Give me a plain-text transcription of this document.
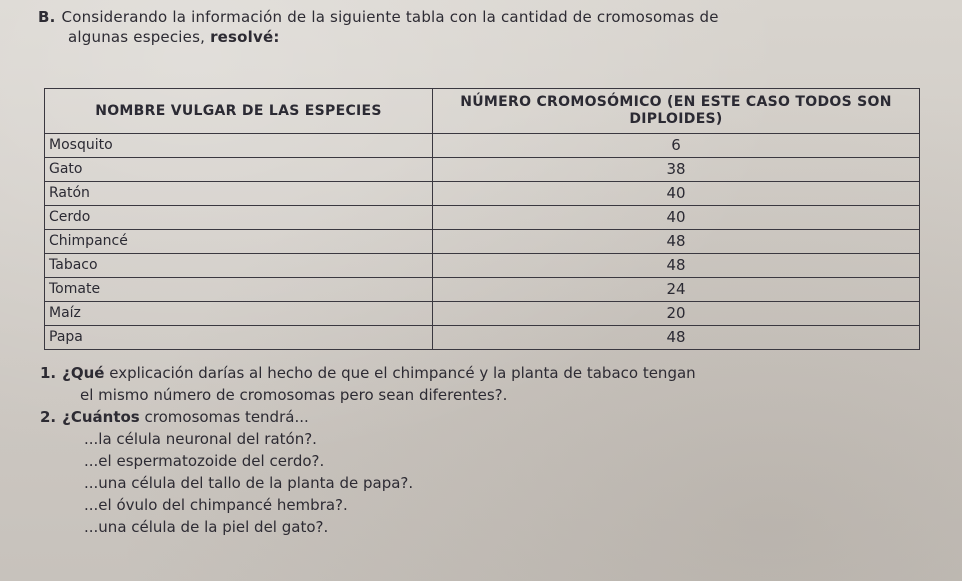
B. Considerando la información de la siguiente tabla con la cantidad de cromosomas de
algunas especies, resolvé:
NOMBRE VULGAR DE LAS ESPECIES	NÚMERO CROMOSÓMICO (EN ESTE CASO TODOS SON DIPLOIDES)
Mosquito	6
Gato	38
Ratón	40
Cerdo	40
Chimpancé	48
Tabaco	48
Tomate	24
Maíz	20
Papa	48
1. ¿Qué explicación darías al hecho de que el chimpancé y la planta de tabaco tengan
el mismo número de cromosomas pero sean diferentes?.
2. ¿Cuántos cromosomas tendrá...
...la célula neuronal del ratón?.
...el espermatozoide del cerdo?.
...una célula del tallo de la planta de papa?.
...el óvulo del chimpancé hembra?.
...una célula de la piel del gato?.
